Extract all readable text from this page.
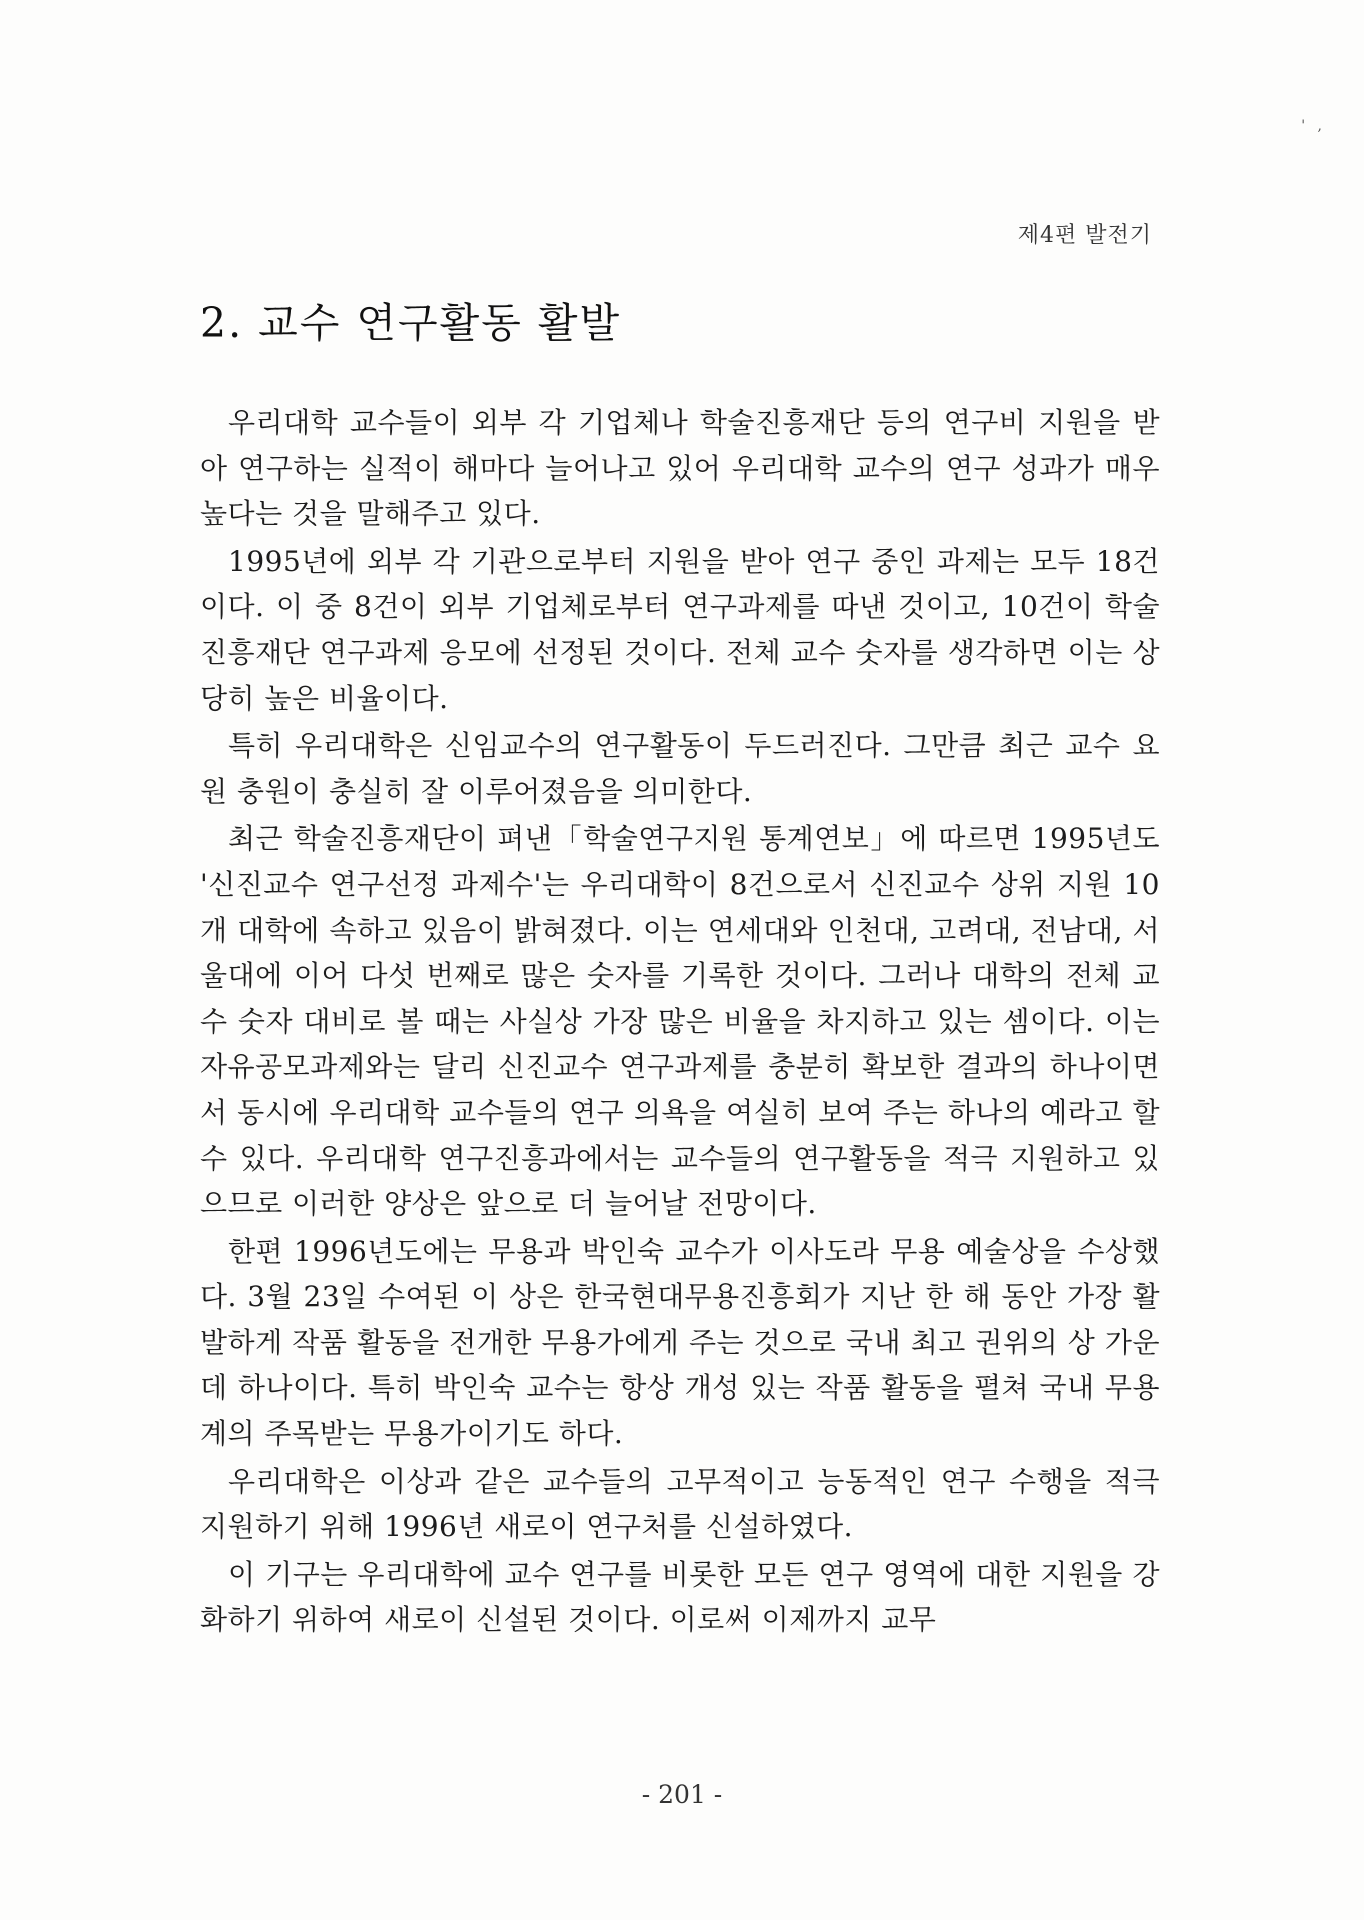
' ,
제4편 발전기
2. 교수 연구활동 활발

우리대학 교수들이 외부 각 기업체나 학술진흥재단 등의 연구비 지원을 받아 연구하는 실적이 해마다 늘어나고 있어 우리대학 교수의 연구 성과가 매우 높다는 것을 말해주고 있다.

1995년에 외부 각 기관으로부터 지원을 받아 연구 중인 과제는 모두 18건이다. 이 중 8건이 외부 기업체로부터 연구과제를 따낸 것이고, 10건이 학술진흥재단 연구과제 응모에 선정된 것이다. 전체 교수 숫자를 생각하면 이는 상당히 높은 비율이다.

특히 우리대학은 신임교수의 연구활동이 두드러진다. 그만큼 최근 교수 요원 충원이 충실히 잘 이루어졌음을 의미한다.

최근 학술진흥재단이 펴낸「학술연구지원 통계연보」에 따르면 1995년도 '신진교수 연구선정 과제수'는 우리대학이 8건으로서 신진교수 상위 지원 10개 대학에 속하고 있음이 밝혀졌다. 이는 연세대와 인천대, 고려대, 전남대, 서울대에 이어 다섯 번째로 많은 숫자를 기록한 것이다. 그러나 대학의 전체 교수 숫자 대비로 볼 때는 사실상 가장 많은 비율을 차지하고 있는 셈이다. 이는 자유공모과제와는 달리 신진교수 연구과제를 충분히 확보한 결과의 하나이면서 동시에 우리대학 교수들의 연구 의욕을 여실히 보여 주는 하나의 예라고 할 수 있다. 우리대학 연구진흥과에서는 교수들의 연구활동을 적극 지원하고 있으므로 이러한 양상은 앞으로 더 늘어날 전망이다.

한편 1996년도에는 무용과 박인숙 교수가 이사도라 무용 예술상을 수상했다. 3월 23일 수여된 이 상은 한국현대무용진흥회가 지난 한 해 동안 가장 활발하게 작품 활동을 전개한 무용가에게 주는 것으로 국내 최고 권위의 상 가운데 하나이다. 특히 박인숙 교수는 항상 개성 있는 작품 활동을 펼쳐 국내 무용계의 주목받는 무용가이기도 하다.

우리대학은 이상과 같은 교수들의 고무적이고 능동적인 연구 수행을 적극 지원하기 위해 1996년 새로이 연구처를 신설하였다.

이 기구는 우리대학에 교수 연구를 비롯한 모든 연구 영역에 대한 지원을 강화하기 위하여 새로이 신설된 것이다. 이로써 이제까지 교무

- 201 -
